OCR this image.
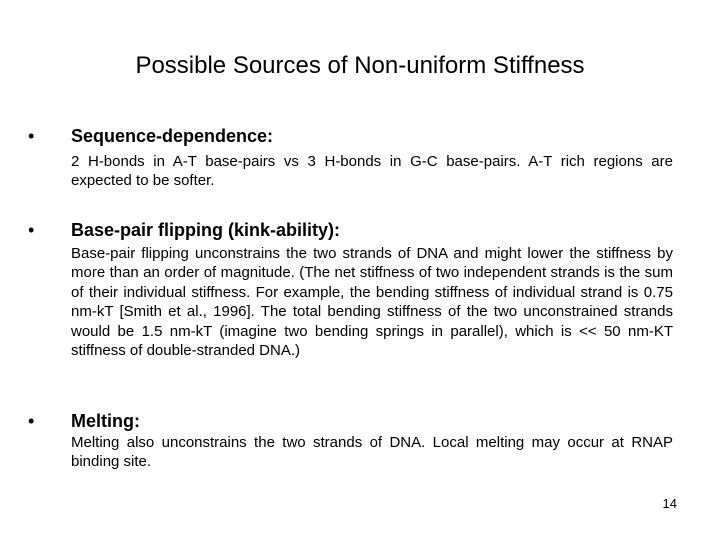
Possible Sources of Non-uniform Stiffness
• Sequence-dependence:
2 H-bonds in A-T base-pairs vs 3 H-bonds in G-C base-pairs. A-T rich regions are expected to be softer.
• Base-pair flipping (kink-ability):
Base-pair flipping unconstrains the two strands of DNA and might lower the stiffness by more than an order of magnitude. (The net stiffness of two independent strands is the sum of their individual stiffness. For example, the bending stiffness of individual strand is 0.75 nm-kT [Smith et al., 1996]. The total bending stiffness of the two unconstrained strands would be 1.5 nm-kT (imagine two bending springs in parallel), which is << 50 nm-KT stiffness of double-stranded DNA.)
• Melting:
Melting also unconstrains the two strands of DNA. Local melting may occur at RNAP binding site.
14
